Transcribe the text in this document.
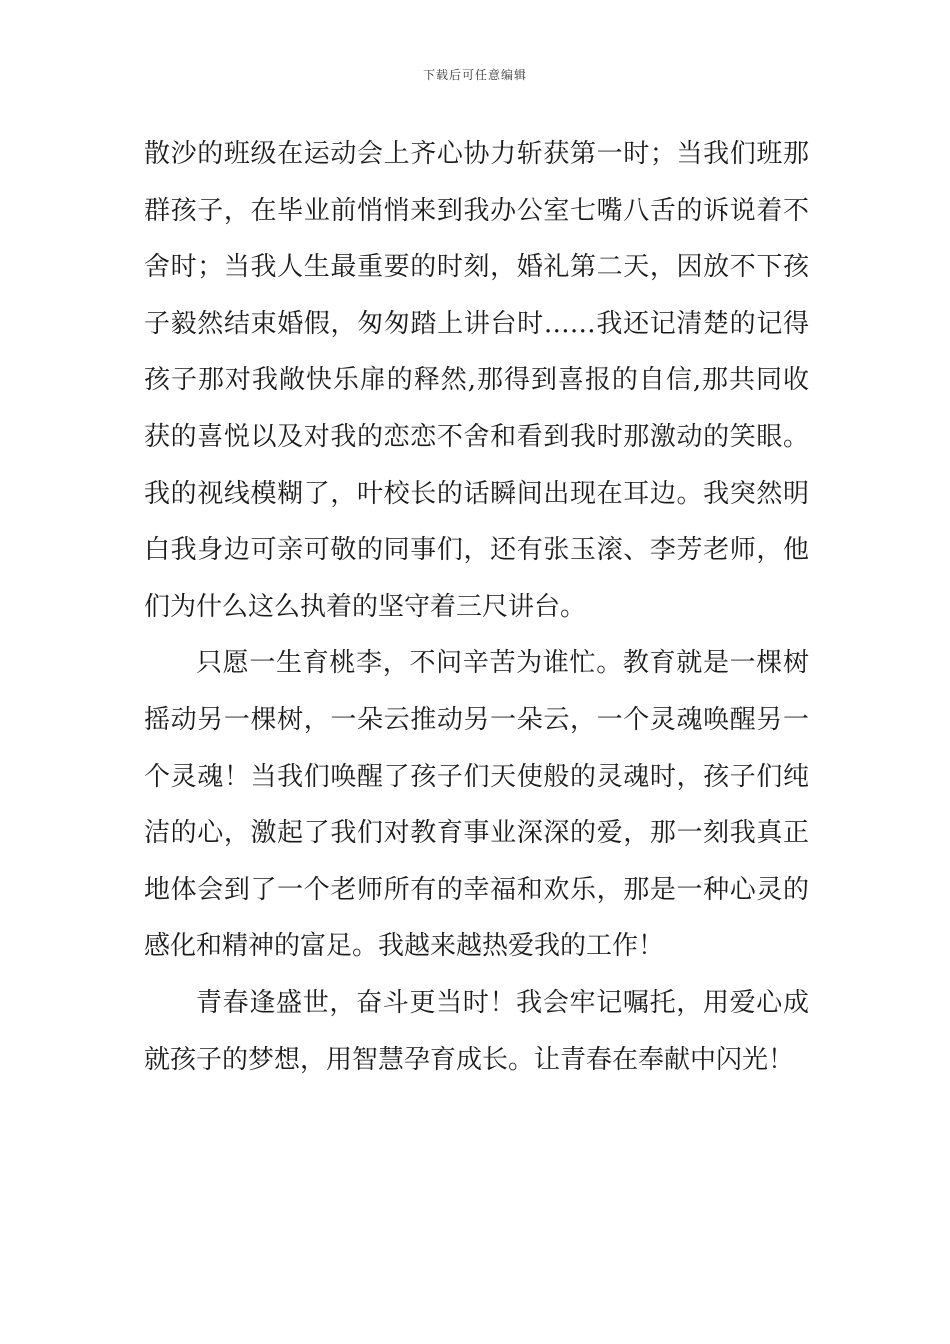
下载后可任意编辑
散沙的班级在运动会上齐心协力斩获第一时；当我们班那
群孩子，在毕业前悄悄来到我办公室七嘴八舌的诉说着不
舍时；当我人生最重要的时刻，婚礼第二天，因放不下孩
子毅然结束婚假，匆匆踏上讲台时……我还记清楚的记得
孩子那对我敞快乐扉的释然,那得到喜报的自信,那共同收
获的喜悦以及对我的恋恋不舍和看到我时那激动的笑眼。
我的视线模糊了，叶校长的话瞬间出现在耳边。我突然明
白我身边可亲可敬的同事们，还有张玉滚、李芳老师，他
们为什么这么执着的坚守着三尺讲台。
只愿一生育桃李，不问辛苦为谁忙。教育就是一棵树
摇动另一棵树，一朵云推动另一朵云，一个灵魂唤醒另一
个灵魂！当我们唤醒了孩子们天使般的灵魂时，孩子们纯
洁的心，激起了我们对教育事业深深的爱，那一刻我真正
地体会到了一个老师所有的幸福和欢乐，那是一种心灵的
感化和精神的富足。我越来越热爱我的工作！
青春逢盛世，奋斗更当时！我会牢记嘱托，用爱心成
就孩子的梦想，用智慧孕育成长。让青春在奉献中闪光！
